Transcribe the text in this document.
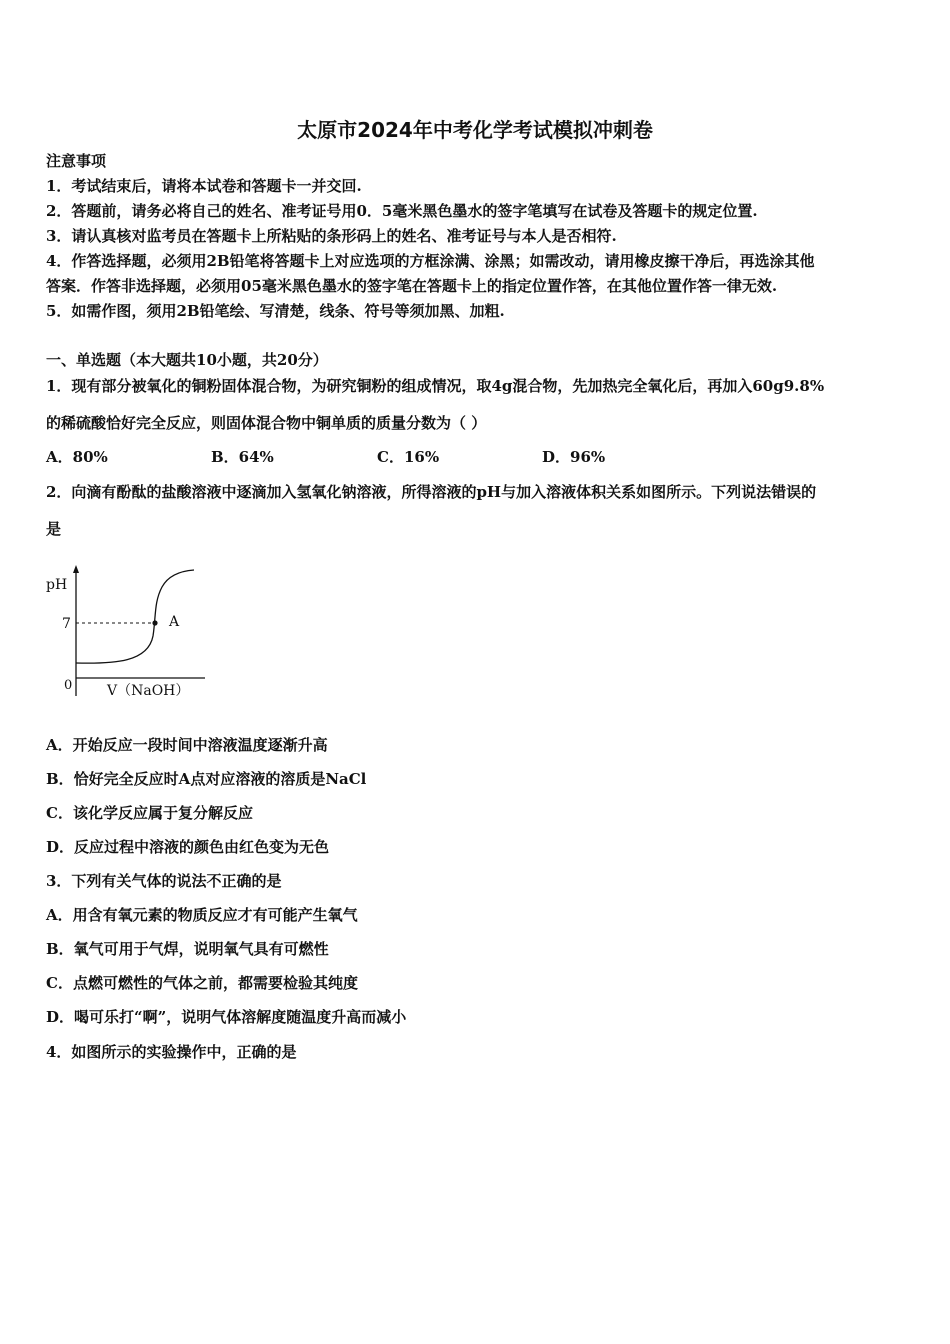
太原市2024年中考化学考试模拟冲刺卷
注意事项
1．考试结束后，请将本试卷和答题卡一并交回.
2．答题前，请务必将自己的姓名、准考证号用0．5毫米黑色墨水的签字笔填写在试卷及答题卡的规定位置.
3．请认真核对监考员在答题卡上所粘贴的条形码上的姓名、准考证号与本人是否相符.
4．作答选择题，必须用2B铅笔将答题卡上对应选项的方框涂满、涂黑；如需改动，请用橡皮擦干净后，再选涂其他
答案．作答非选择题，必须用05毫米黑色墨水的签字笔在答题卡上的指定位置作答，在其他位置作答一律无效.
5．如需作图，须用2B铅笔绘、写清楚，线条、符号等须加黑、加粗.
一、单选题（本大题共10小题，共20分）
1．现有部分被氧化的铜粉固体混合物，为研究铜粉的组成情况，取4g混合物，先加热完全氧化后，再加入60g9.8%
的稀硫酸恰好完全反应，则固体混合物中铜单质的质量分数为（ ）
A．80%	B．64%	C．16%	D．96%
2．向滴有酚酞的盐酸溶液中逐滴加入氢氧化钠溶液，所得溶液的pH与加入溶液体积关系如图所示。下列说法错误的
是
pH
7
0 V（NaOH）
A
A．开始反应一段时间中溶液温度逐渐升高
B．恰好完全反应时A点对应溶液的溶质是NaCl
C．该化学反应属于复分解反应
D．反应过程中溶液的颜色由红色变为无色
3．下列有关气体的说法不正确的是
A．用含有氧元素的物质反应才有可能产生氧气
B．氧气可用于气焊，说明氧气具有可燃性
C．点燃可燃性的气体之前，都需要检验其纯度
D．喝可乐打“啊”，说明气体溶解度随温度升高而减小
4．如图所示的实验操作中，正确的是
